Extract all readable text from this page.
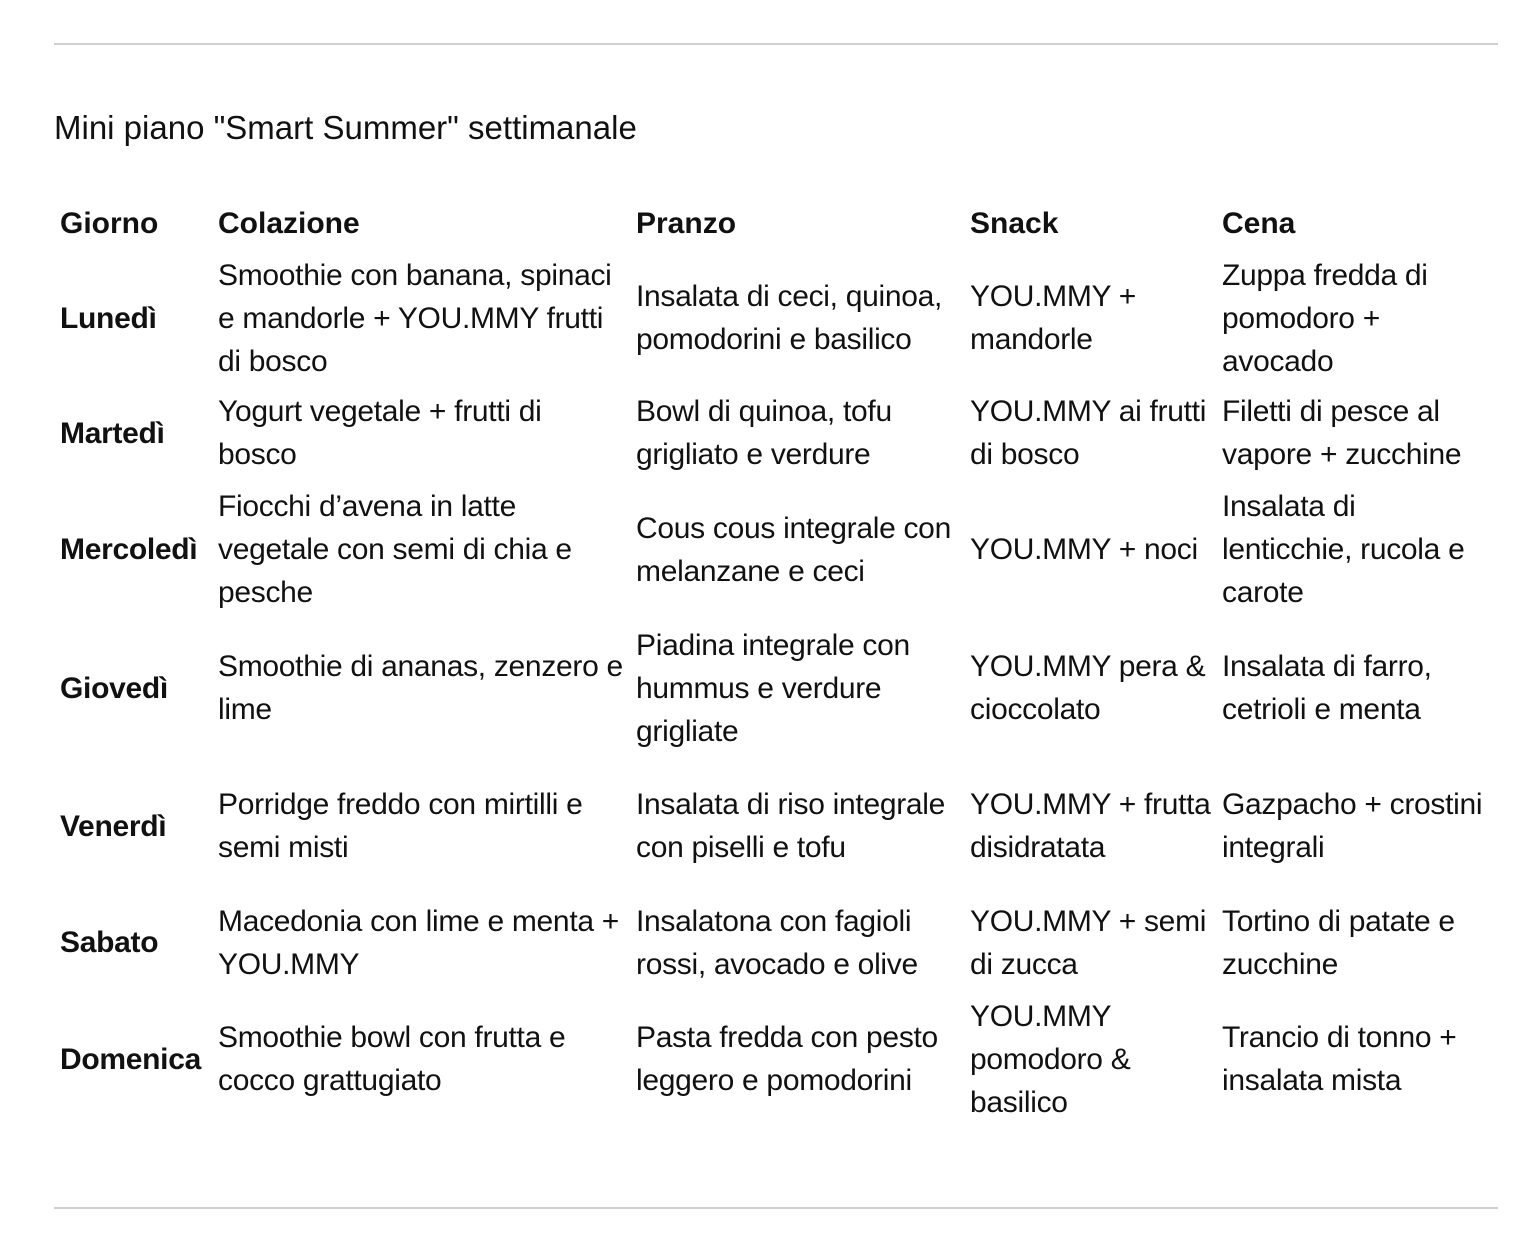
Mini piano "Smart Summer" settimanale
Giorno	Colazione	Pranzo	Snack	Cena
Lunedì	Smoothie con banana, spinaci e mandorle + YOU.MMY frutti di bosco	Insalata di ceci, quinoa, pomodorini e basilico	YOU.MMY + mandorle	Zuppa fredda di pomodoro + avocado
Martedì	Yogurt vegetale + frutti di bosco	Bowl di quinoa, tofu grigliato e verdure	YOU.MMY ai frutti di bosco	Filetti di pesce al vapore + zucchine
Mercoledì	Fiocchi d’avena in latte vegetale con semi di chia e pesche	Cous cous integrale con melanzane e ceci	YOU.MMY + noci	Insalata di lenticchie, rucola e carote
Giovedì	Smoothie di ananas, zenzero e lime	Piadina integrale con hummus e verdure grigliate	YOU.MMY pera & cioccolato	Insalata di farro, cetrioli e menta
Venerdì	Porridge freddo con mirtilli e semi misti	Insalata di riso integrale con piselli e tofu	YOU.MMY + frutta disidratata	Gazpacho + crostini integrali
Sabato	Macedonia con lime e menta + YOU.MMY	Insalatona con fagioli rossi, avocado e olive	YOU.MMY + semi di zucca	Tortino di patate e zucchine
Domenica	Smoothie bowl con frutta e cocco grattugiato	Pasta fredda con pesto leggero e pomodorini	YOU.MMY pomodoro & basilico	Trancio di tonno + insalata mista
